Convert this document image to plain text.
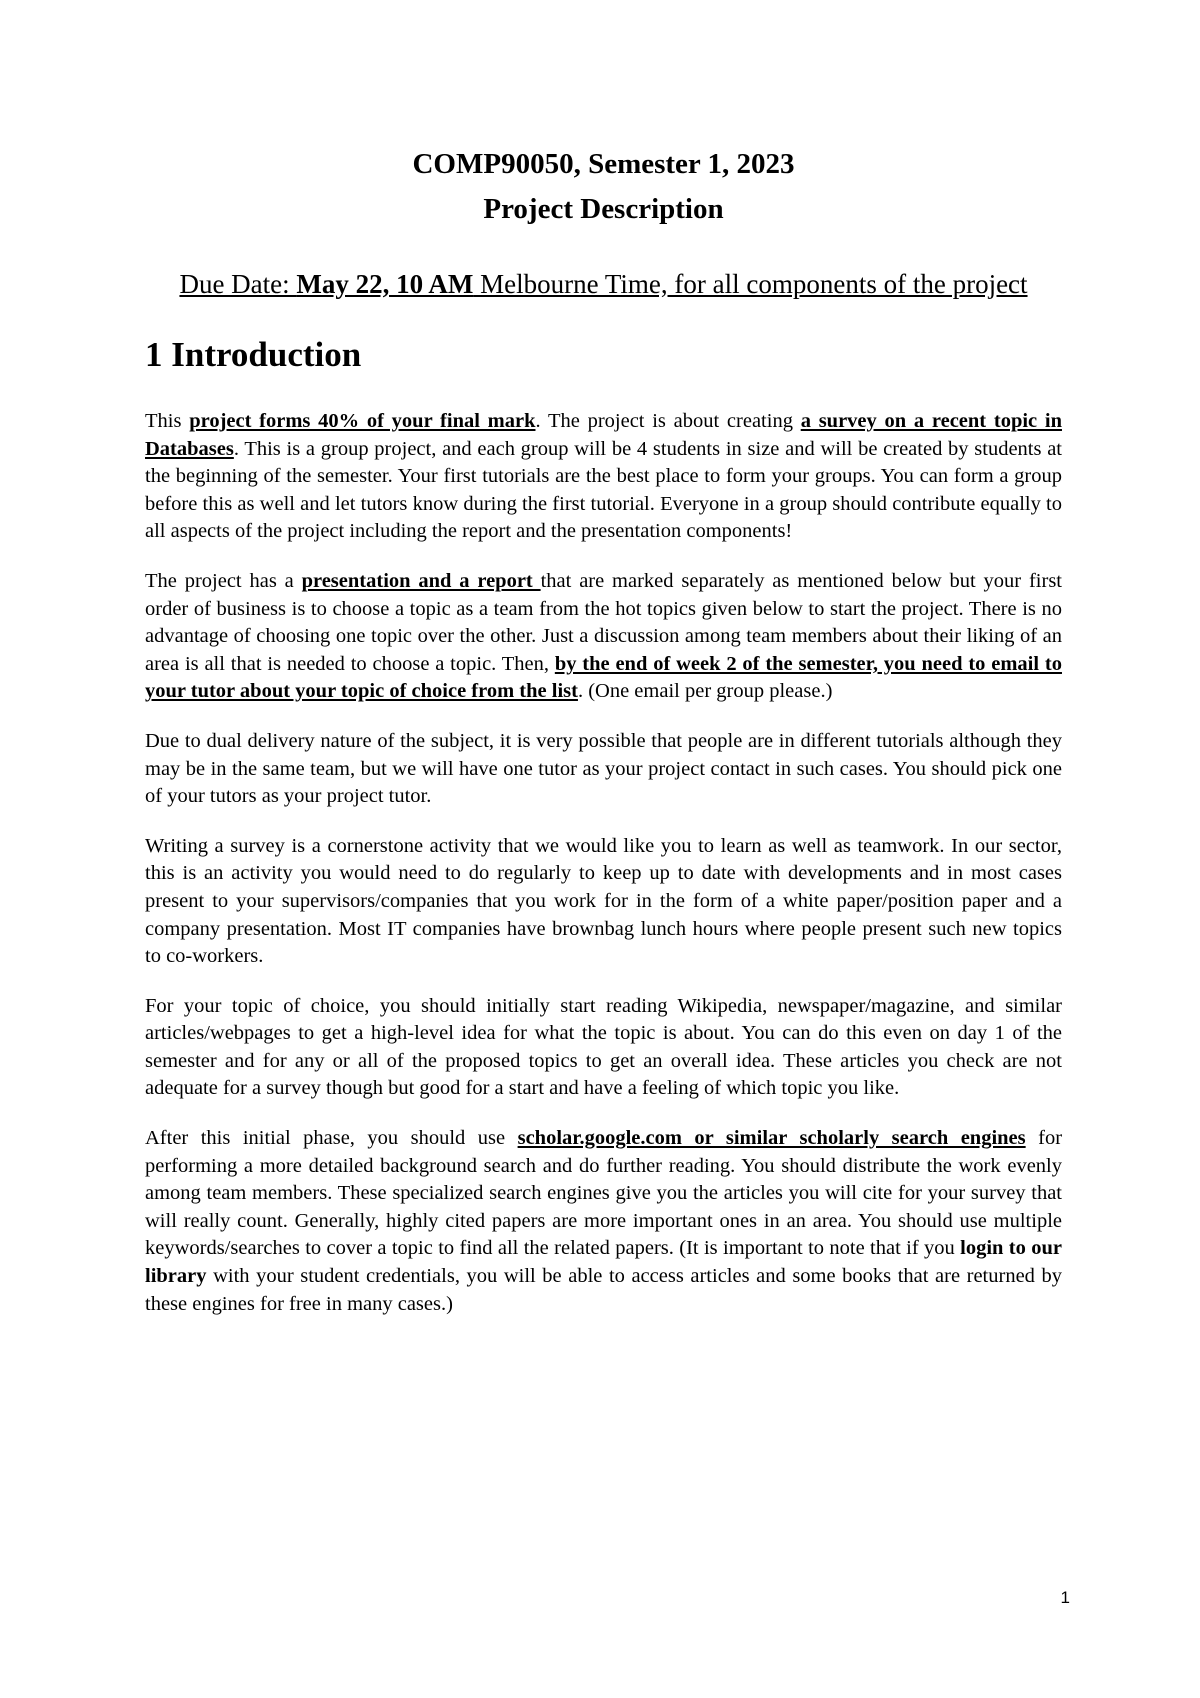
COMP90050, Semester 1, 2023

Project Description

Due Date: May 22, 10 AM Melbourne Time, for all components of the project

1 Introduction

This project forms 40% of your final mark. The project is about creating a survey on a recent topic in Databases. This is a group project, and each group will be 4 students in size and will be created by students at the beginning of the semester. Your first tutorials are the best place to form your groups. You can form a group before this as well and let tutors know during the first tutorial. Everyone in a group should contribute equally to all aspects of the project including the report and the presentation components!

The project has a presentation and a report that are marked separately as mentioned below but your first order of business is to choose a topic as a team from the hot topics given below to start the project. There is no advantage of choosing one topic over the other. Just a discussion among team members about their liking of an area is all that is needed to choose a topic. Then, by the end of week 2 of the semester, you need to email to your tutor about your topic of choice from the list. (One email per group please.)

Due to dual delivery nature of the subject, it is very possible that people are in different tutorials although they may be in the same team, but we will have one tutor as your project contact in such cases. You should pick one of your tutors as your project tutor.

Writing a survey is a cornerstone activity that we would like you to learn as well as teamwork. In our sector, this is an activity you would need to do regularly to keep up to date with developments and in most cases present to your supervisors/companies that you work for in the form of a white paper/position paper and a company presentation. Most IT companies have brownbag lunch hours where people present such new topics to co-workers.

For your topic of choice, you should initially start reading Wikipedia, newspaper/magazine, and similar articles/webpages to get a high-level idea for what the topic is about. You can do this even on day 1 of the semester and for any or all of the proposed topics to get an overall idea. These articles you check are not adequate for a survey though but good for a start and have a feeling of which topic you like.

After this initial phase, you should use scholar.google.com or similar scholarly search engines for performing a more detailed background search and do further reading. You should distribute the work evenly among team members. These specialized search engines give you the articles you will cite for your survey that will really count. Generally, highly cited papers are more important ones in an area. You should use multiple keywords/searches to cover a topic to find all the related papers. (It is important to note that if you login to our library with your student credentials, you will be able to access articles and some books that are returned by these engines for free in many cases.)

1
